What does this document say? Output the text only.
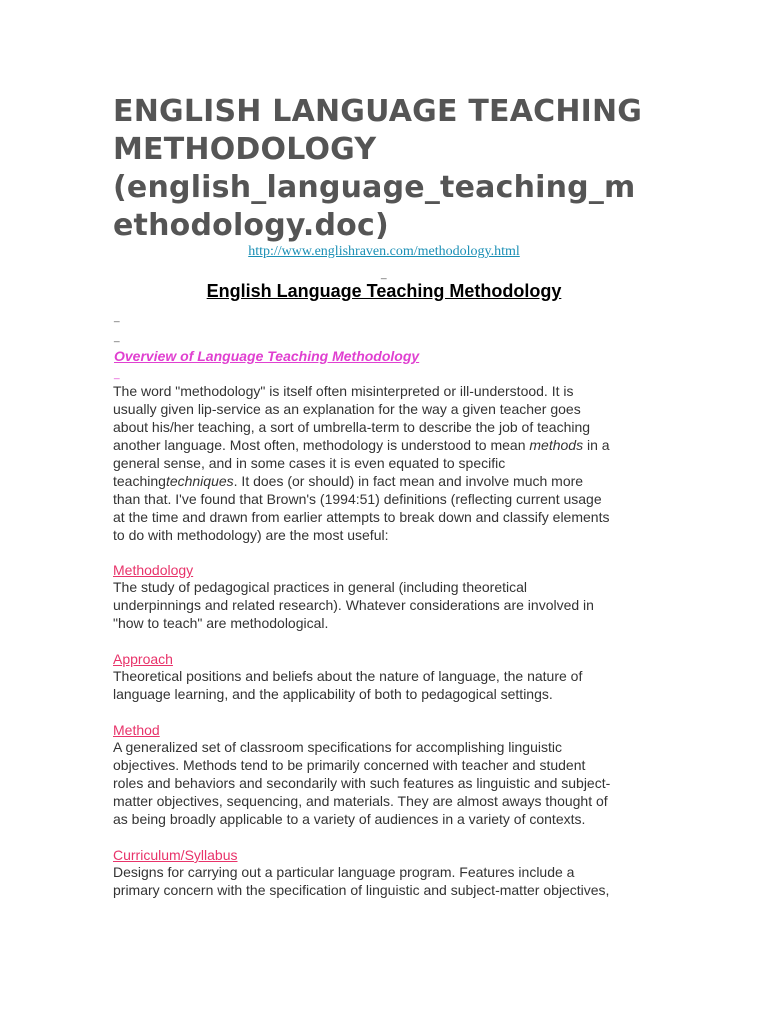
ENGLISH LANGUAGE TEACHING
METHODOLOGY
(english_language_teaching_m
ethodology.doc)
http://www.englishraven.com/methodology.html
_
English Language Teaching Methodology
_
_
Overview of Language Teaching Methodology
_
The word "methodology" is itself often misinterpreted or ill-understood. It is
usually given lip-service as an explanation for the way a given teacher goes
about his/her teaching, a sort of umbrella-term to describe the job of teaching
another language. Most often, methodology is understood to mean methods in a
general sense, and in some cases it is even equated to specific
teachingtechniques. It does (or should) in fact mean and involve much more
than that. I've found that Brown's (1994:51) definitions (reflecting current usage
at the time and drawn from earlier attempts to break down and classify elements
to do with methodology) are the most useful:
Methodology
The study of pedagogical practices in general (including theoretical
underpinnings and related research). Whatever considerations are involved in
"how to teach" are methodological.
Approach
Theoretical positions and beliefs about the nature of language, the nature of
language learning, and the applicability of both to pedagogical settings.
Method
A generalized set of classroom specifications for accomplishing linguistic
objectives. Methods tend to be primarily concerned with teacher and student
roles and behaviors and secondarily with such features as linguistic and subject-
matter objectives, sequencing, and materials. They are almost aways thought of
as being broadly applicable to a variety of audiences in a variety of contexts.
Curriculum/Syllabus
Designs for carrying out a particular language program. Features include a
primary concern with the specification of linguistic and subject-matter objectives,
